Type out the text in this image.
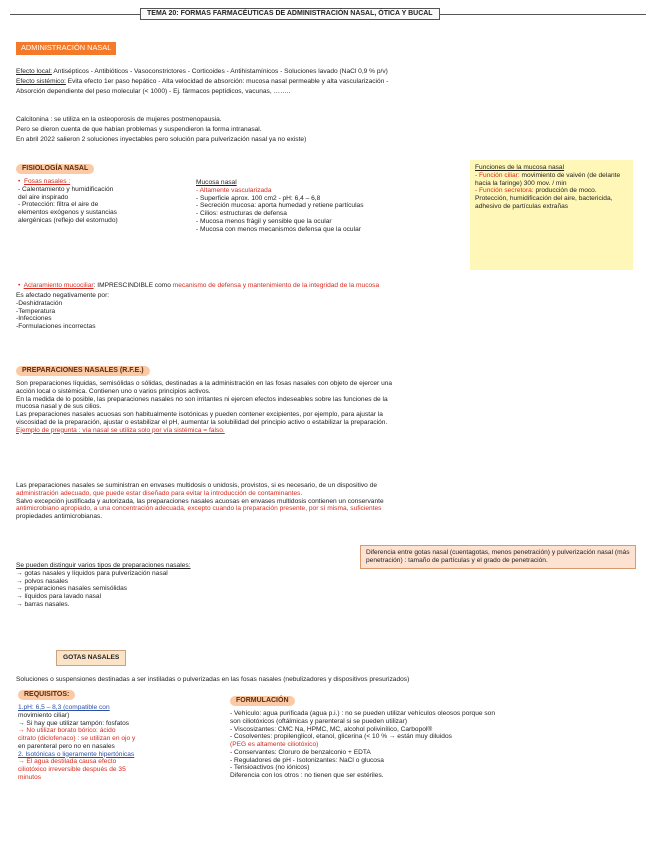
TEMA 20: FORMAS FARMACÉUTICAS DE ADMINISTRACIÓN NASAL, ÓTICA Y BUCAL
ADMINISTRACIÓN NASAL
Efecto local: Antisépticos - Antibióticos - Vasoconstrictores - Corticoides - Antihistamínicos - Soluciones lavado (NaCl 0,9 % p/v)
Efecto sistémico: Evita efecto 1er paso hepático - Alta velocidad de absorción: mucosa nasal permeable y alta vascularización -
Absorción dependiente del peso molecular (< 1000) - Ej. fármacos peptídicos, vacunas, ……..
Calcitonina : se utiliza en la osteoporosis de mujeres postmenopausia.
Pero se dieron cuenta de que habían problemas y suspendieron la forma intranasal.
En abril 2022 salieron 2 soluciones inyectables pero solución para pulverización nasal ya no existe)
FISIOLOGÍA NASAL
•  Fosas nasales :
- Calentamiento y humidificación
del aire inspirado
- Protección: filtra el aire de
elementos exógenos y sustancias
alergénicas (reflejo del estornudo)
Mucosa nasal
- Altamente vascularizada
- Superficie aprox. 100 cm2 - pH: 6,4 – 6,8
- Secreción mucosa: aporta humedad y retiene partículas
- Cilios: estructuras de defensa
- Mucosa menos frágil y sensible que la ocular
- Mucosa con menos mecanismos defensa que la ocular
Funciones de la mucosa nasal
- Función ciliar: movimiento de vaivén (de delante hacia la faringe) 300 mov. / min
- Función secretora: producción de moco. Protección, humidificación del aire, bactericida, adhesivo de partículas extrañas
•  Aclaramiento mucociliar: IMPRESCINDIBLE como mecanismo de defensa y mantenimiento de la integridad de la mucosa
Es afectado negativamente por:
-Deshidratación
-Temperatura
-Infecciones
-Formulaciones incorrectas
PREPARACIONES NASALES (R.F.E.)
Son preparaciones líquidas, semisólidas o sólidas, destinadas a la administración en las fosas nasales con objeto de ejercer una
acción local o sistémica. Contienen uno o varios principios activos.
En la medida de lo posible, las preparaciones nasales no son irritantes ni ejercen efectos indeseables sobre las funciones de la
mucosa nasal y de sus cilios.
Las preparaciones nasales acuosas son habitualmente isotónicas y pueden contener excipientes, por ejemplo, para ajustar la
viscosidad de la preparación, ajustar o estabilizar el pH, aumentar la solubilidad del principio activo o estabilizar la preparación.
Ejemplo de pregunta : vía nasal se utiliza solo por vía sistémica = falso.
Las preparaciones nasales se suministran en envases multidosis o unidosis, provistos, si es necesario, de un dispositivo de
administración adecuado, que puede estar diseñado para evitar la introducción de contaminantes.
Salvo excepción justificada y autorizada, las preparaciones nasales acuosas en envases multidosis contienen un conservante
antimicrobiano apropiado, a una concentración adecuada, excepto cuando la preparación presente, por sí misma, suficientes
propiedades antimicrobianas.
Se pueden distinguir varios tipos de preparaciones nasales:
→ gotas nasales y líquidos para pulverización nasal
→ polvos nasales
→ preparaciones nasales semisólidas
→ líquidos para lavado nasal
→ barras nasales.
Diferencia entre gotas nasal (cuentagotas, menos penetración) y pulverización nasal (más penetración) : tamaño de partículas y el grado de penetración.
GOTAS NASALES
Soluciones o suspensiones destinadas a ser instiladas o pulverizadas en las fosas nasales (nebulizadores y dispositivos presurizados)
REQUISITOS:
1.pH: 6,5 – 8,3 (compatible con
movimiento ciliar)
→ Si hay que utilizar tampón: fosfatos
→ No utilizar borato bórico: ácido
citrato (diclofenaco) : se utilizan en ojo y
en parenteral pero no en nasales
2. Isotónicas o ligeramente hipertónicas
→ El agua destilada causa efecto
ciliotóxico irreversible después de 35
minutos
FORMULACIÓN
- Vehículo: agua purificada (agua p.i.) : no se pueden utilizar vehículos oleosos porque son
son ciliotóxicos (oftálmicas y parenteral si se pueden utilizar)
- Viscosizantes: CMC Na, HPMC, MC, alcohol polivinílico, Carbopol®
- Cosolventes: propilenglicol, etanol, glicerina (< 10 % → están muy diluidos
(PEG es altamente ciliotóxico)
- Conservantes: Cloruro de benzalconio + EDTA
- Reguladores de pH - Isotonizantes: NaCl o glucosa
- Tensioactivos (no iónicos)
Diferencia con los otros : no tienen que ser estériles.
